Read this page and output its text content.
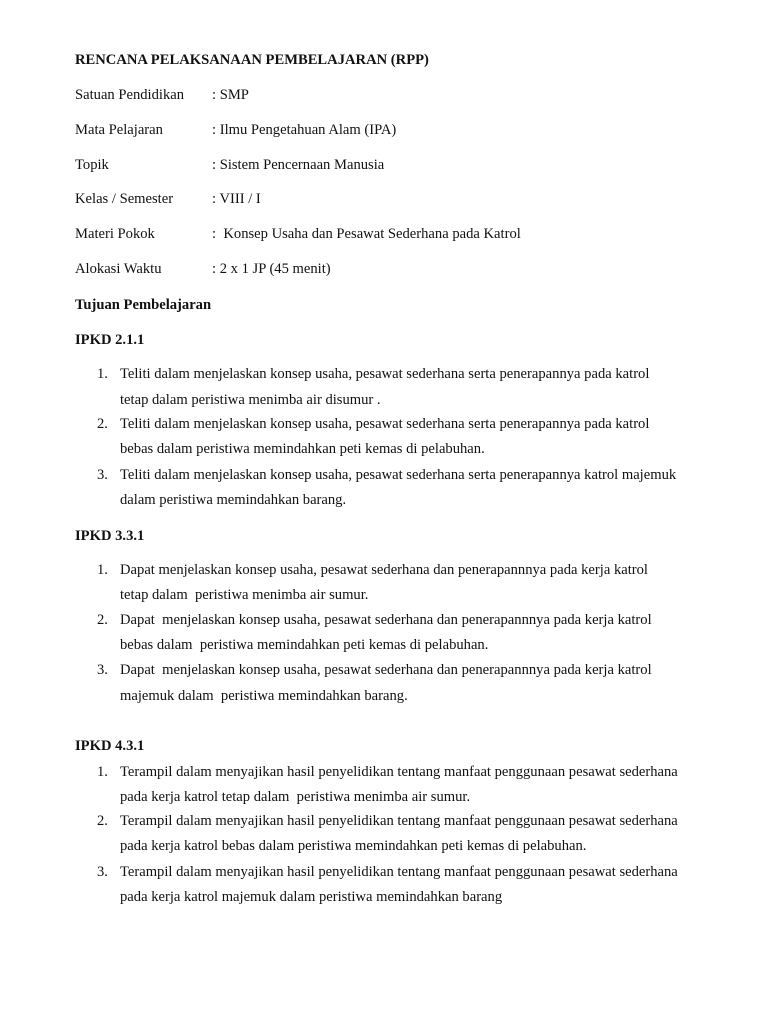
RENCANA PELAKSANAAN PEMBELAJARAN (RPP)
Satuan Pendidikan : SMP
Mata Pelajaran	: Ilmu Pengetahuan Alam (IPA)
Topik	: Sistem Pencernaan Manusia
Kelas / Semester	: VIII / I
Materi Pokok	:  Konsep Usaha dan Pesawat Sederhana pada Katrol
Alokasi Waktu	: 2 x 1 JP (45 menit)
Tujuan Pembelajaran
IPKD 2.1.1
1. Teliti dalam menjelaskan konsep usaha, pesawat sederhana serta penerapannya pada katrol
tetap dalam peristiwa menimba air disumur .
2. Teliti dalam menjelaskan konsep usaha, pesawat sederhana serta penerapannya pada katrol
bebas dalam peristiwa memindahkan peti kemas di pelabuhan.
3. Teliti dalam menjelaskan konsep usaha, pesawat sederhana serta penerapannya katrol majemuk
dalam peristiwa memindahkan barang.
IPKD 3.3.1
1. Dapat menjelaskan konsep usaha, pesawat sederhana dan penerapannnya pada kerja katrol
tetap dalam  peristiwa menimba air sumur.
2. Dapat  menjelaskan konsep usaha, pesawat sederhana dan penerapannnya pada kerja katrol
bebas dalam  peristiwa memindahkan peti kemas di pelabuhan.
3. Dapat  menjelaskan konsep usaha, pesawat sederhana dan penerapannnya pada kerja katrol
majemuk dalam  peristiwa memindahkan barang.
IPKD 4.3.1
1. Terampil dalam menyajikan hasil penyelidikan tentang manfaat penggunaan pesawat sederhana
pada kerja katrol tetap dalam  peristiwa menimba air sumur.
2. Terampil dalam menyajikan hasil penyelidikan tentang manfaat penggunaan pesawat sederhana
pada kerja katrol bebas dalam peristiwa memindahkan peti kemas di pelabuhan.
3. Terampil dalam menyajikan hasil penyelidikan tentang manfaat penggunaan pesawat sederhana
pada kerja katrol majemuk dalam peristiwa memindahkan barang
